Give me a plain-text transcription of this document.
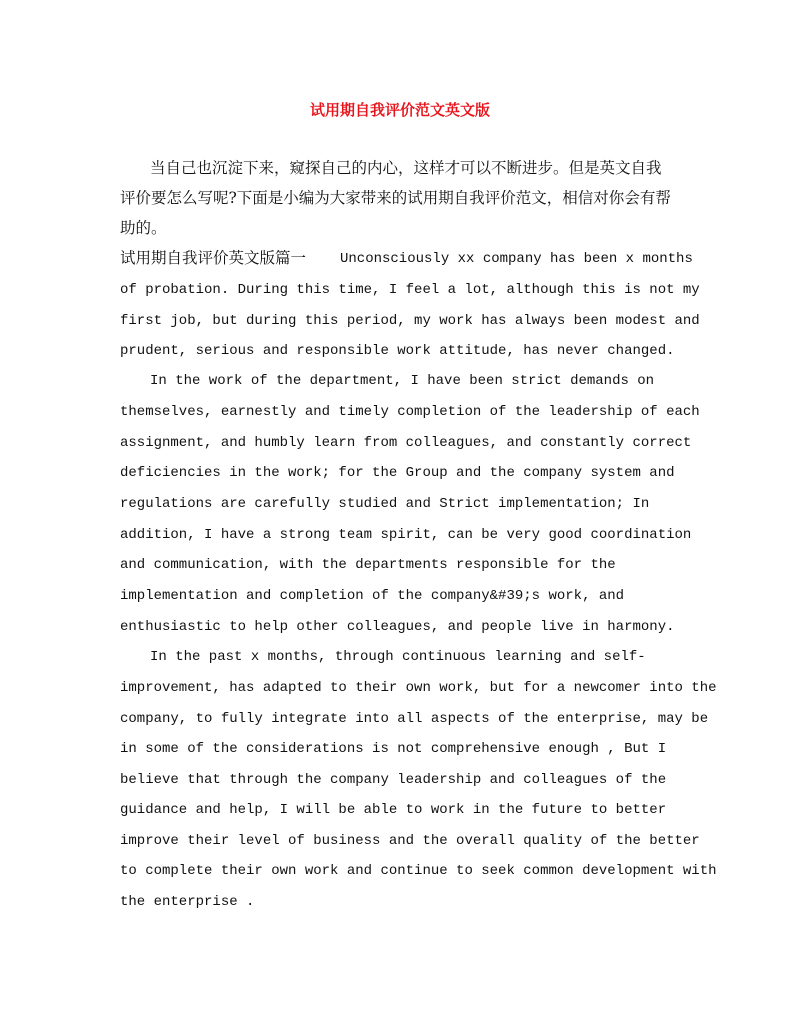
试用期自我评价范文英文版
当自己也沉淀下来，窥探自己的内心，这样才可以不断进步。但是英文自我
评价要怎么写呢?下面是小编为大家带来的试用期自我评价范文，相信对你会有帮
助的。
试用期自我评价英文版篇一 Unconsciously xx company has been x months
of probation. During this time, I feel a lot, although this is not my
first job, but during this period, my work has always been modest and
prudent, serious and responsible work attitude, has never changed.
In the work of the department, I have been strict demands on
themselves, earnestly and timely completion of the leadership of each
assignment, and humbly learn from colleagues, and constantly correct
deficiencies in the work; for the Group and the company system and
regulations are carefully studied and Strict implementation; In
addition, I have a strong team spirit, can be very good coordination
and communication, with the departments responsible for the
implementation and completion of the company&#39;s work, and
enthusiastic to help other colleagues, and people live in harmony.
In the past x months, through continuous learning and self-
improvement, has adapted to their own work, but for a newcomer into the
company, to fully integrate into all aspects of the enterprise, may be
in some of the considerations is not comprehensive enough , But I
believe that through the company leadership and colleagues of the
guidance and help, I will be able to work in the future to better
improve their level of business and the overall quality of the better
to complete their own work and continue to seek common development with
the enterprise .
